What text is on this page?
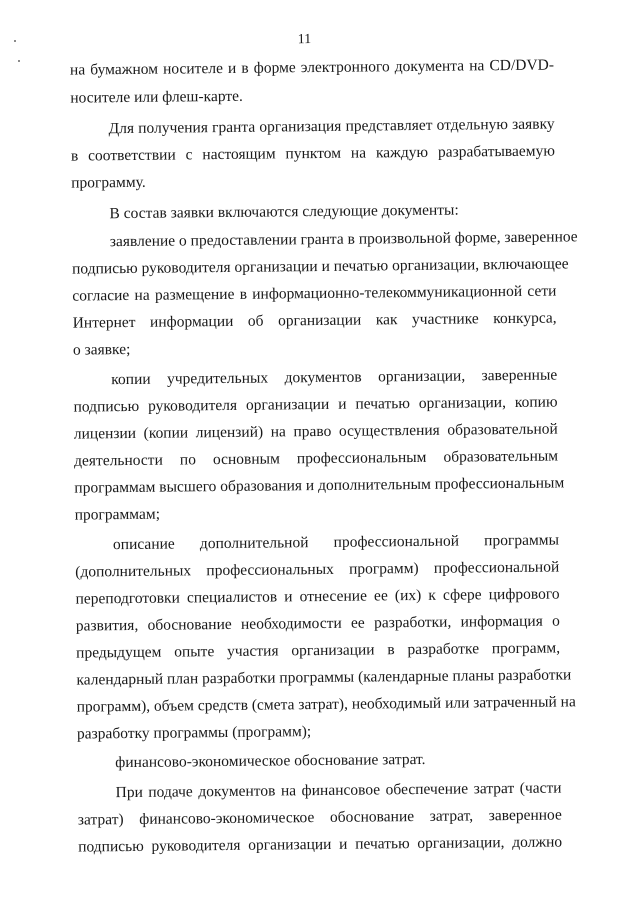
11
на бумажном носителе и в форме электронного документа на CD/DVD-
носителе или флеш-карте.
Для получения гранта организация представляет отдельную заявку
в соответствии с настоящим пунктом на каждую разрабатываемую
программу.
В состав заявки включаются следующие документы:
заявление о предоставлении гранта в произвольной форме, заверенное
подписью руководителя организации и печатью организации, включающее
согласие на размещение в информационно-телекоммуникационной сети
Интернет информации об организации как участнике конкурса,
о заявке;
копии учредительных документов организации, заверенные
подписью руководителя организации и печатью организации, копию
лицензии (копии лицензий) на право осуществления образовательной
деятельности по основным профессиональным образовательным
программам высшего образования и дополнительным профессиональным
программам;
описание дополнительной профессиональной программы
(дополнительных профессиональных программ) профессиональной
переподготовки специалистов и отнесение ее (их) к сфере цифрового
развития, обоснование необходимости ее разработки, информация о
предыдущем опыте участия организации в разработке программ,
календарный план разработки программы (календарные планы разработки
программ), объем средств (смета затрат), необходимый или затраченный на
разработку программы (программ);
финансово-экономическое обоснование затрат.
При подаче документов на финансовое обеспечение затрат (части
затрат) финансово-экономическое обоснование затрат, заверенное
подписью руководителя организации и печатью организации, должно
